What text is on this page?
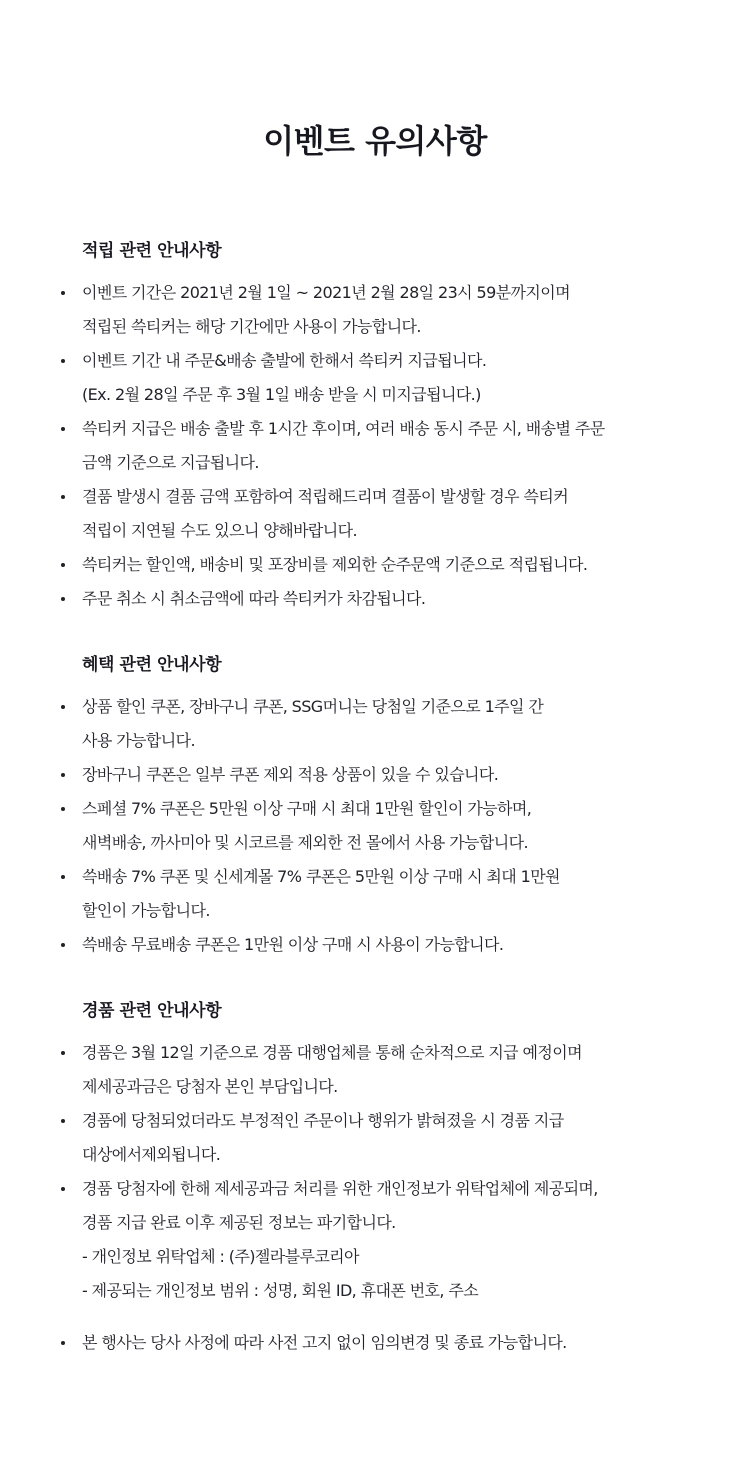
이벤트 유의사항
적립 관련 안내사항
이벤트 기간은 2021년 2월 1일 ~ 2021년 2월 28일 23시 59분까지이며
적립된 쓱티커는 해당 기간에만 사용이 가능합니다.
이벤트 기간 내 주문&배송 출발에 한해서 쓱티커 지급됩니다.
(Ex. 2월 28일 주문 후 3월 1일 배송 받을 시 미지급됩니다.)
쓱티커 지급은 배송 출발 후 1시간 후이며, 여러 배송 동시 주문 시, 배송별 주문
금액 기준으로 지급됩니다.
결품 발생시 결품 금액 포함하여 적립해드리며 결품이 발생할 경우 쓱티커
적립이 지연될 수도 있으니 양해바랍니다.
쓱티커는 할인액, 배송비 및 포장비를 제외한 순주문액 기준으로 적립됩니다.
주문 취소 시 취소금액에 따라 쓱티커가 차감됩니다.
혜택 관련 안내사항
상품 할인 쿠폰, 장바구니 쿠폰, SSG머니는 당첨일 기준으로 1주일 간
사용 가능합니다.
장바구니 쿠폰은 일부 쿠폰 제외 적용 상품이 있을 수 있습니다.
스페셜 7% 쿠폰은 5만원 이상 구매 시 최대 1만원 할인이 가능하며,
새벽배송, 까사미아 및 시코르를 제외한 전 몰에서 사용 가능합니다.
쓱배송 7% 쿠폰 및 신세계몰 7% 쿠폰은 5만원 이상 구매 시 최대 1만원
할인이 가능합니다.
쓱배송 무료배송 쿠폰은 1만원 이상 구매 시 사용이 가능합니다.
경품 관련 안내사항
경품은 3월 12일 기준으로 경품 대행업체를 통해 순차적으로 지급 예정이며
제세공과금은 당첨자 본인 부담입니다.
경품에 당첨되었더라도 부정적인 주문이나 행위가 밝혀졌을 시 경품 지급
대상에서제외됩니다.
경품 당첨자에 한해 제세공과금 처리를 위한 개인정보가 위탁업체에 제공되며,
경품 지급 완료 이후 제공된 정보는 파기합니다.
- 개인정보 위탁업체 : (주)젤라블루코리아
- 제공되는 개인정보 범위 : 성명, 회원 ID, 휴대폰 번호, 주소
본 행사는 당사 사정에 따라 사전 고지 없이 임의변경 및 종료 가능합니다.
